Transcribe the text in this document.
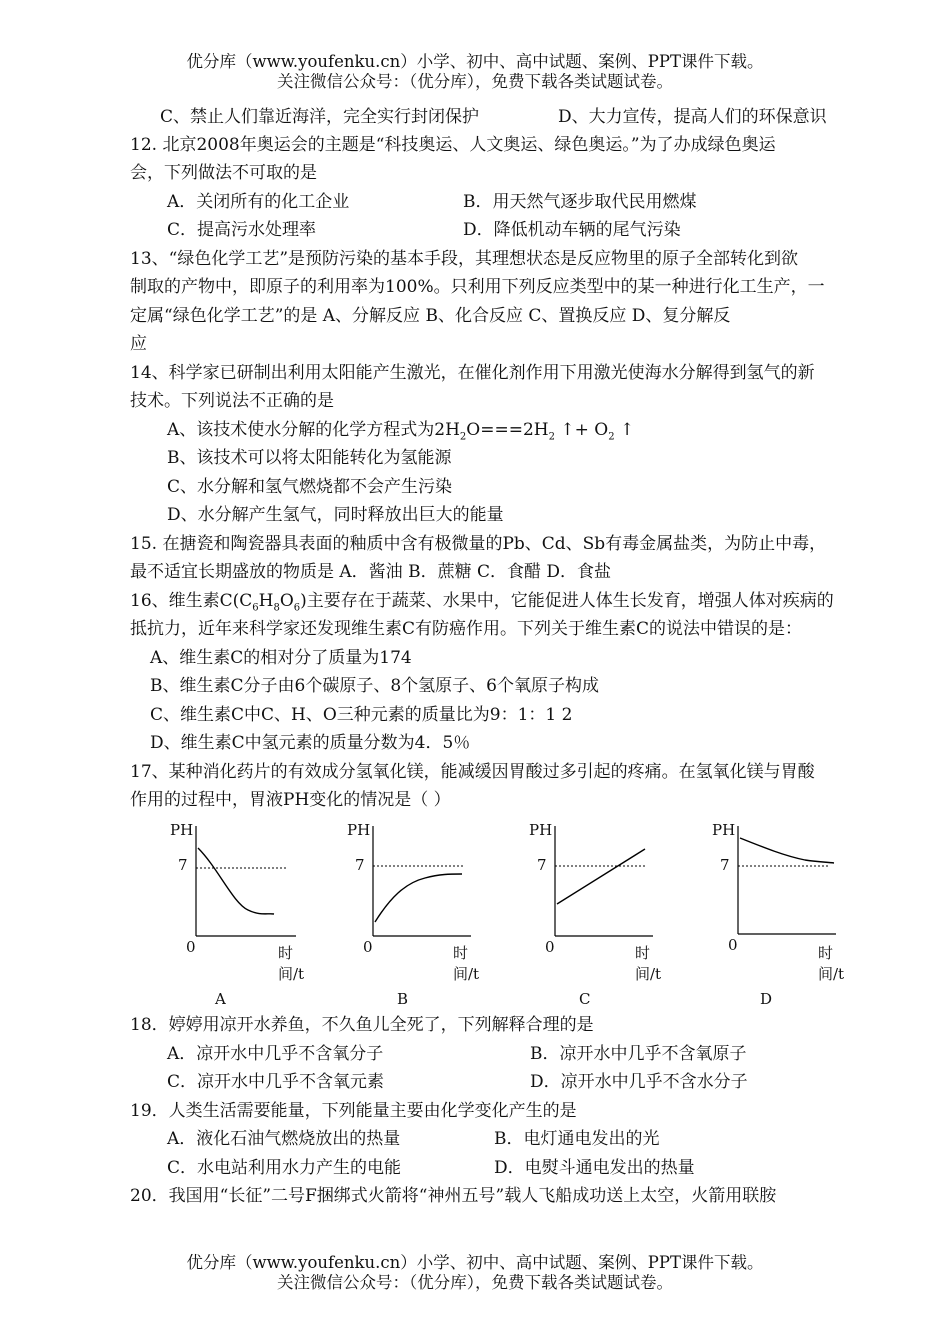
优分库（www.youfenku.cn）小学、初中、高中试题、案例、PPT课件下载。
关注微信公众号：（优分库），免费下载各类试题试卷。
C、禁止人们靠近海洋，完全实行封闭保护	D、大力宣传，提高人们的环保意识
12. 北京2008年奥运会的主题是“科技奥运、人文奥运、绿色奥运。”为了办成绿色奥运
会，下列做法不可取的是
A．关闭所有的化工企业	B．用天然气逐步取代民用燃煤
C．提高污水处理率	D．降低机动车辆的尾气污染
13、“绿色化学工艺”是预防污染的基本手段，其理想状态是反应物里的原子全部转化到欲
制取的产物中，即原子的利用率为100%。只利用下列反应类型中的某一种进行化工生产，一
定属“绿色化学工艺”的是 A、分解反应 B、化合反应 C、置换反应 D、复分解反
应
14、科学家已研制出利用太阳能产生激光，在催化剂作用下用激光使海水分解得到氢气的新
技术。下列说法不正确的是
A、该技术使水分解的化学方程式为$2H_2O===2H_2$ ↑+ $O_2$ ↑
B、该技术可以将太阳能转化为氢能源
C、水分解和氢气燃烧都不会产生污染
D、水分解产生氢气，同时释放出巨大的能量
15. 在搪瓷和陶瓷器具表面的釉质中含有极微量的Pb、Cd、Sb有毒金属盐类，为防止中毒，
最不适宜长期盛放的物质是 A．酱油 B．蔗糖 C．食醋 D．食盐
16、维生素$C(C_6H_8O_6)$主要存在于蔬菜、水果中，它能促进人体生长发育，增强人体对疾病的
抵抗力，近年来科学家还发现维生素C有防癌作用。下列关于维生素C的说法中错误的是：
A、维生素C的相对分了质量为174
B、维生素C分子由6个碳原子、8个氢原子、6个氧原子构成
C、维生素C中C、H、O三种元素的质量比为9：1：1 2
D、维生素C中氢元素的质量分数为4．5％
17、某种消化药片的有效成分氢氧化镁，能减缓因胃酸过多引起的疼痛。在氢氧化镁与胃酸
作用的过程中，胃液PH变化的情况是（ ）
PH
7
0	时间/t
A
PH
7
0	时间/t
B
PH
7
0	时间/t
C
PH
7
0	时间/t
D
18．婷婷用凉开水养鱼，不久鱼儿全死了，下列解释合理的是
A．凉开水中几乎不含氧分子	B．凉开水中几乎不含氧原子
C．凉开水中几乎不含氧元素	D．凉开水中几乎不含水分子
19．人类生活需要能量，下列能量主要由化学变化产生的是
A．液化石油气燃烧放出的热量	B．电灯通电发出的光
C．水电站利用水力产生的电能	D．电熨斗通电发出的热量
20．我国用“长征”二号F捆绑式火箭将“神州五号”载人飞船成功送上太空，火箭用联胺
优分库（www.youfenku.cn）小学、初中、高中试题、案例、PPT课件下载。
关注微信公众号：（优分库），免费下载各类试题试卷。
